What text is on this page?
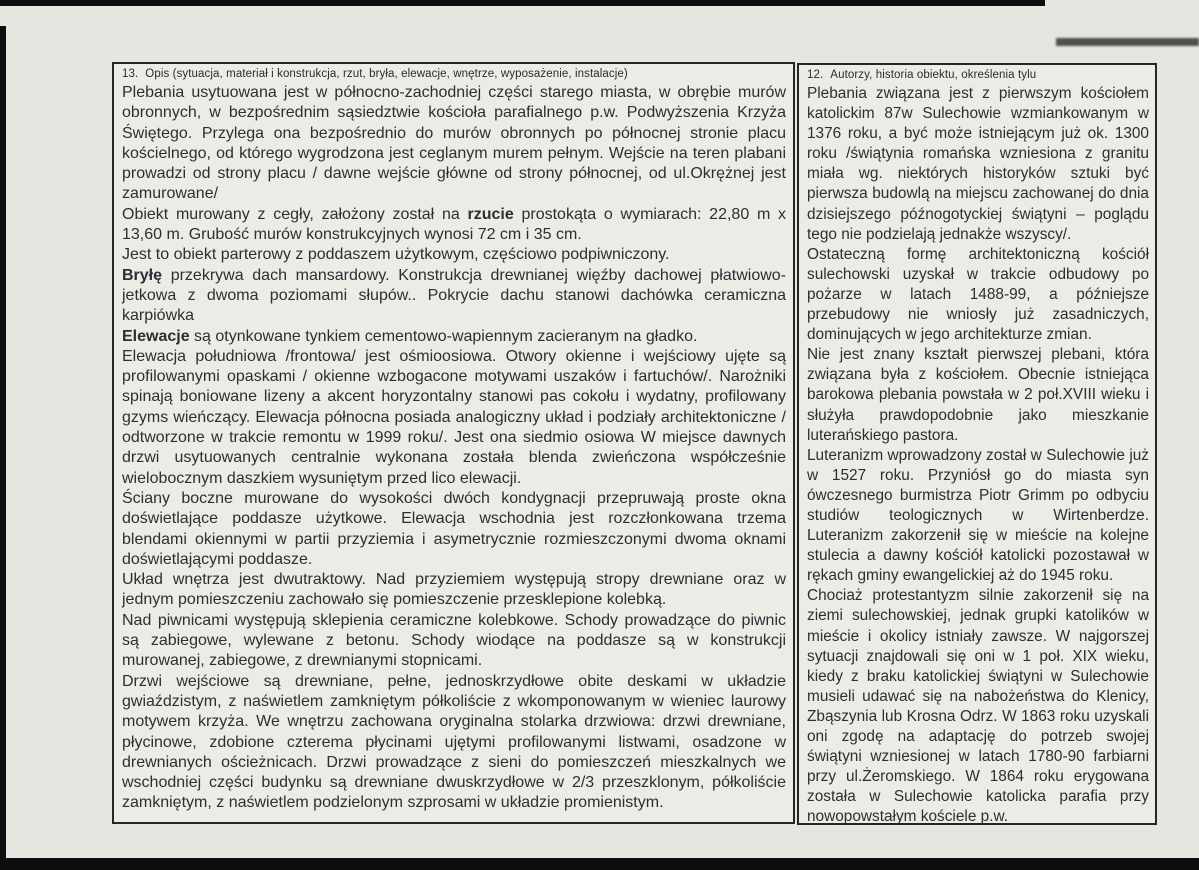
13. Opis (sytuacja, materiał i konstrukcja, rzut, bryła, elewacje, wnętrze, wyposażenie, instalacje)

Plebania usytuowana jest w północno-zachodniej części starego miasta, w obrębie murów obronnych, w bezpośrednim sąsiedztwie kościoła parafialnego p.w. Podwyższenia Krzyża Świętego. Przylega ona bezpośrednio do murów obronnych po północnej stronie placu kościelnego, od którego wygrodzona jest ceglanym murem pełnym. Wejście na teren plabani prowadzi od strony placu / dawne wejście główne od strony północnej, od ul.Okrężnej jest zamurowane/

Obiekt murowany z cegły, założony został na rzucie prostokąta o wymiarach: 22,80 m x 13,60 m. Grubość murów konstrukcyjnych wynosi 72 cm i 35 cm.

Jest to obiekt parterowy z poddaszem użytkowym, częściowo podpiwniczony.

Bryłę przekrywa dach mansardowy. Konstrukcja drewnianej więźby dachowej płatwiowo-jetkowa z dwoma poziomami słupów.. Pokrycie dachu stanowi dachówka ceramiczna karpiówka

Elewacje są otynkowane tynkiem cementowo-wapiennym zacieranym na gładko.

Elewacja południowa /frontowa/ jest ośmioosiowa. Otwory okienne i wejściowy ujęte są profilowanymi opaskami / okienne wzbogacone motywami uszaków i fartuchów/. Narożniki spinają boniowane lizeny a akcent horyzontalny stanowi pas cokołu i wydatny, profilowany gzyms wieńczący. Elewacja północna posiada analogiczny układ i podziały architektoniczne / odtworzone w trakcie remontu w 1999 roku/. Jest ona siedmio osiowa W miejsce dawnych drzwi usytuowanych centralnie wykonana została blenda zwieńczona współcześnie wielobocznym daszkiem wysuniętym przed lico elewacji.

Ściany boczne murowane do wysokości dwóch kondygnacji przepruwają proste okna doświetlające poddasze użytkowe. Elewacja wschodnia jest rozczłonkowana trzema blendami okiennymi w partii przyziemia i asymetrycznie rozmieszczonymi dwoma oknami doświetlającymi poddasze.

Układ wnętrza jest dwutraktowy. Nad przyziemiem występują stropy drewniane oraz w jednym pomieszczeniu zachowało się pomieszczenie przesklepione kolebką.

Nad piwnicami występują sklepienia ceramiczne kolebkowe. Schody prowadzące do piwnic są zabiegowe, wylewane z betonu. Schody wiodące na poddasze są w konstrukcji murowanej, zabiegowe, z drewnianymi stopnicami.

Drzwi wejściowe są drewniane, pełne, jednoskrzydłowe obite deskami w układzie gwiaździstym, z naświetlem zamkniętym półkoliście z wkomponowanym w wieniec laurowy motywem krzyża. We wnętrzu zachowana oryginalna stolarka drzwiowa: drzwi drewniane, płycinowe, zdobione czterema płycinami ujętymi profilowanymi listwami, osadzone w drewnianych ościeżnicach. Drzwi prowadzące z sieni do pomieszczeń mieszkalnych we wschodniej części budynku są drewniane dwuskrzydłowe w 2/3 przeszklonym, półkoliście zamkniętym, z naświetlem podzielonym szprosami w układzie promienistym.

12. Autorzy, historia obiektu, określenia tylu

Plebania związana jest z pierwszym kościołem katolickim 87w Sulechowie wzmiankowanym w 1376 roku, a być może istniejącym już ok. 1300 roku /świątynia romańska wzniesiona z granitu miała wg. niektórych historyków sztuki być pierwsza budowlą na miejscu zachowanej do dnia dzisiejszego późnogotyckiej świątyni – poglądu tego nie podzielają jednakże wszyscy/.

Ostateczną formę architektoniczną kościół sulechowski uzyskał w trakcie odbudowy po pożarze w latach 1488-99, a późniejsze przebudowy nie wniosły już zasadniczych, dominujących w jego architekturze zmian.

Nie jest znany kształt pierwszej plebani, która związana była z kościołem. Obecnie istniejąca barokowa plebania powstała w 2 poł.XVIII wieku i służyła prawdopodobnie jako mieszkanie luterańskiego pastora.

Luteranizm wprowadzony został w Sulechowie już w 1527 roku. Przyniósł go do miasta syn ówczesnego burmistrza Piotr Grimm po odbyciu studiów teologicznych w Wirtenberdze. Luteranizm zakorzenił się w mieście na kolejne stulecia a dawny kościół katolicki pozostawał w rękach gminy ewangelickiej aż do 1945 roku.

Chociaż protestantyzm silnie zakorzenił się na ziemi sulechowskiej, jednak grupki katolików w mieście i okolicy istniały zawsze. W najgorszej sytuacji znajdowali się oni w 1 poł. XIX wieku, kiedy z braku katolickiej świątyni w Sulechowie musieli udawać się na nabożeństwa do Klenicy, Zbąszynia lub Krosna Odrz. W 1863 roku uzyskali oni zgodę na adaptację do potrzeb swojej świątyni wzniesionej w latach 1780-90 farbiarni przy ul.Żeromskiego. W 1864 roku erygowana została w Sulechowie katolicka parafia przy nowopowstałym kościele p.w.
